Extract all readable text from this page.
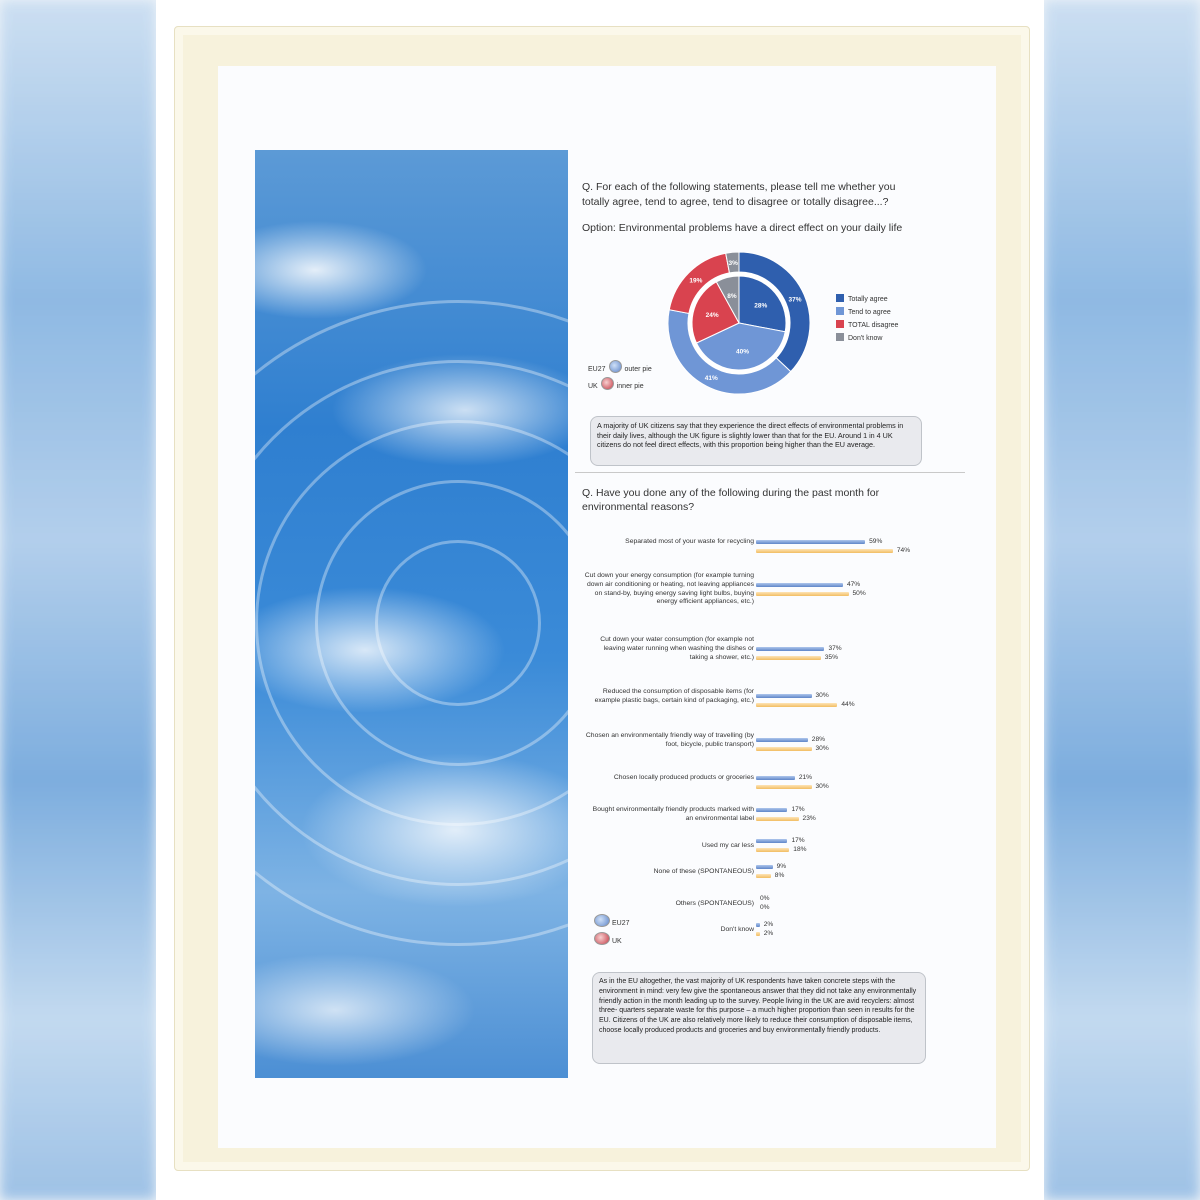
Q. For each of the following statements, please tell me whether you totally agree, tend to agree, tend to disagree or totally disagree...?
Option: Environmental problems have a direct effect on your daily life
37%
41%
19%
3%
28%
40%
24%
8%	Totally agree
Tend to agree
TOTAL disagree
Don't know
EU27	outer pie
UK	inner pie
A majority of UK citizens say that they experience the direct effects of environmental problems in their daily lives, although the UK figure is slightly lower than that for the EU. Around 1 in 4 UK citizens do not feel direct effects, with this proportion being higher than the EU average.
Q. Have you done any of the following during the past month for environmental reasons?
Separated most of your waste for recycling	59%
74%
Cut down your energy consumption (for example turning down air conditioning or heating, not leaving appliances on stand-by, buying energy saving light bulbs, buying energy efficient appliances, etc.)
47%
50%
Cut down your water consumption (for example not leaving water running when washing the dishes or taking a shower, etc.)
37%
35%
Reduced the consumption of disposable items (for example plastic bags, certain kind of packaging, etc.)
30%
44%
Chosen an environmentally friendly way of travelling (by foot, bicycle, public transport)
28%
30%
Chosen locally produced products or groceries	21%
30%
Bought environmentally friendly products marked with an environmental label
17%
23%
Used my car less
17%
18%
None of these (SPONTANEOUS)
9%
8%
Others (SPONTANEOUS)
0%
0%
Don't know
2%
2%
EU27
UK
As in the EU altogether, the vast majority of UK respondents have taken concrete steps with the environment in mind: very few give the spontaneous answer that they did not take any environmentally friendly action in the month leading up to the survey. People living in the UK are avid recyclers: almost three- quarters separate waste for this purpose – a much higher proportion than seen in results for the EU. Citizens of the UK are also relatively more likely to reduce their consumption of disposable items, choose locally produced products and groceries and buy environmentally friendly products.
